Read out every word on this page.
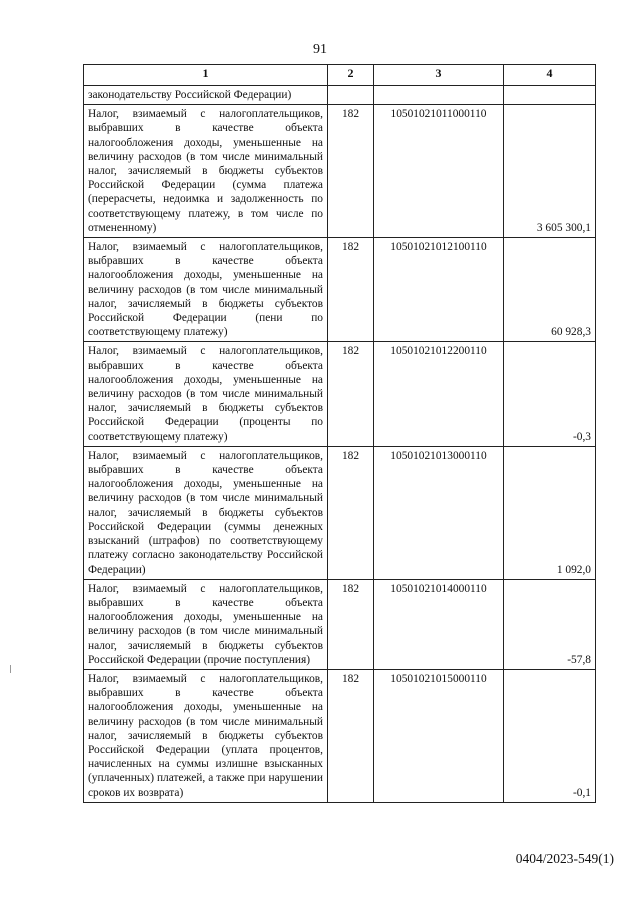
91
1	2	3	4
законодательству Российской Федерации)			
Налог, взимаемый с налогоплательщиков, выбравших в качестве объекта налогообложения доходы, уменьшенные на величину расходов (в том числе минимальный налог, зачисляемый в бюджеты субъектов Российской Федерации (сумма платежа (перерасчеты, недоимка и задолженность по соответствующему платежу, в том числе по отмененному)	182	10501021011000110	3 605 300,1
Налог, взимаемый с налогоплательщиков, выбравших в качестве объекта налогообложения доходы, уменьшенные на величину расходов (в том числе минимальный налог, зачисляемый в бюджеты субъектов Российской Федерации (пени по соответствующему платежу)	182	10501021012100110	60 928,3
Налог, взимаемый с налогоплательщиков, выбравших в качестве объекта налогообложения доходы, уменьшенные на величину расходов (в том числе минимальный налог, зачисляемый в бюджеты субъектов Российской Федерации (проценты по соответствующему платежу)	182	10501021012200110	-0,3
Налог, взимаемый с налогоплательщиков, выбравших в качестве объекта налогообложения доходы, уменьшенные на величину расходов (в том числе минимальный налог, зачисляемый в бюджеты субъектов Российской Федерации (суммы денежных взысканий (штрафов) по соответствующему платежу согласно законодательству Российской Федерации)	182	10501021013000110	1 092,0
Налог, взимаемый с налогоплательщиков, выбравших в качестве объекта налогообложения доходы, уменьшенные на величину расходов (в том числе минимальный налог, зачисляемый в бюджеты субъектов Российской Федерации (прочие поступления)	182	10501021014000110	-57,8
Налог, взимаемый с налогоплательщиков, выбравших в качестве объекта налогообложения доходы, уменьшенные на величину расходов (в том числе минимальный налог, зачисляемый в бюджеты субъектов Российской Федерации (уплата процентов, начисленных на суммы излишне взысканных (уплаченных) платежей, а также при нарушении сроков их возврата)	182	10501021015000110	-0,1
0404/2023-549(1)
